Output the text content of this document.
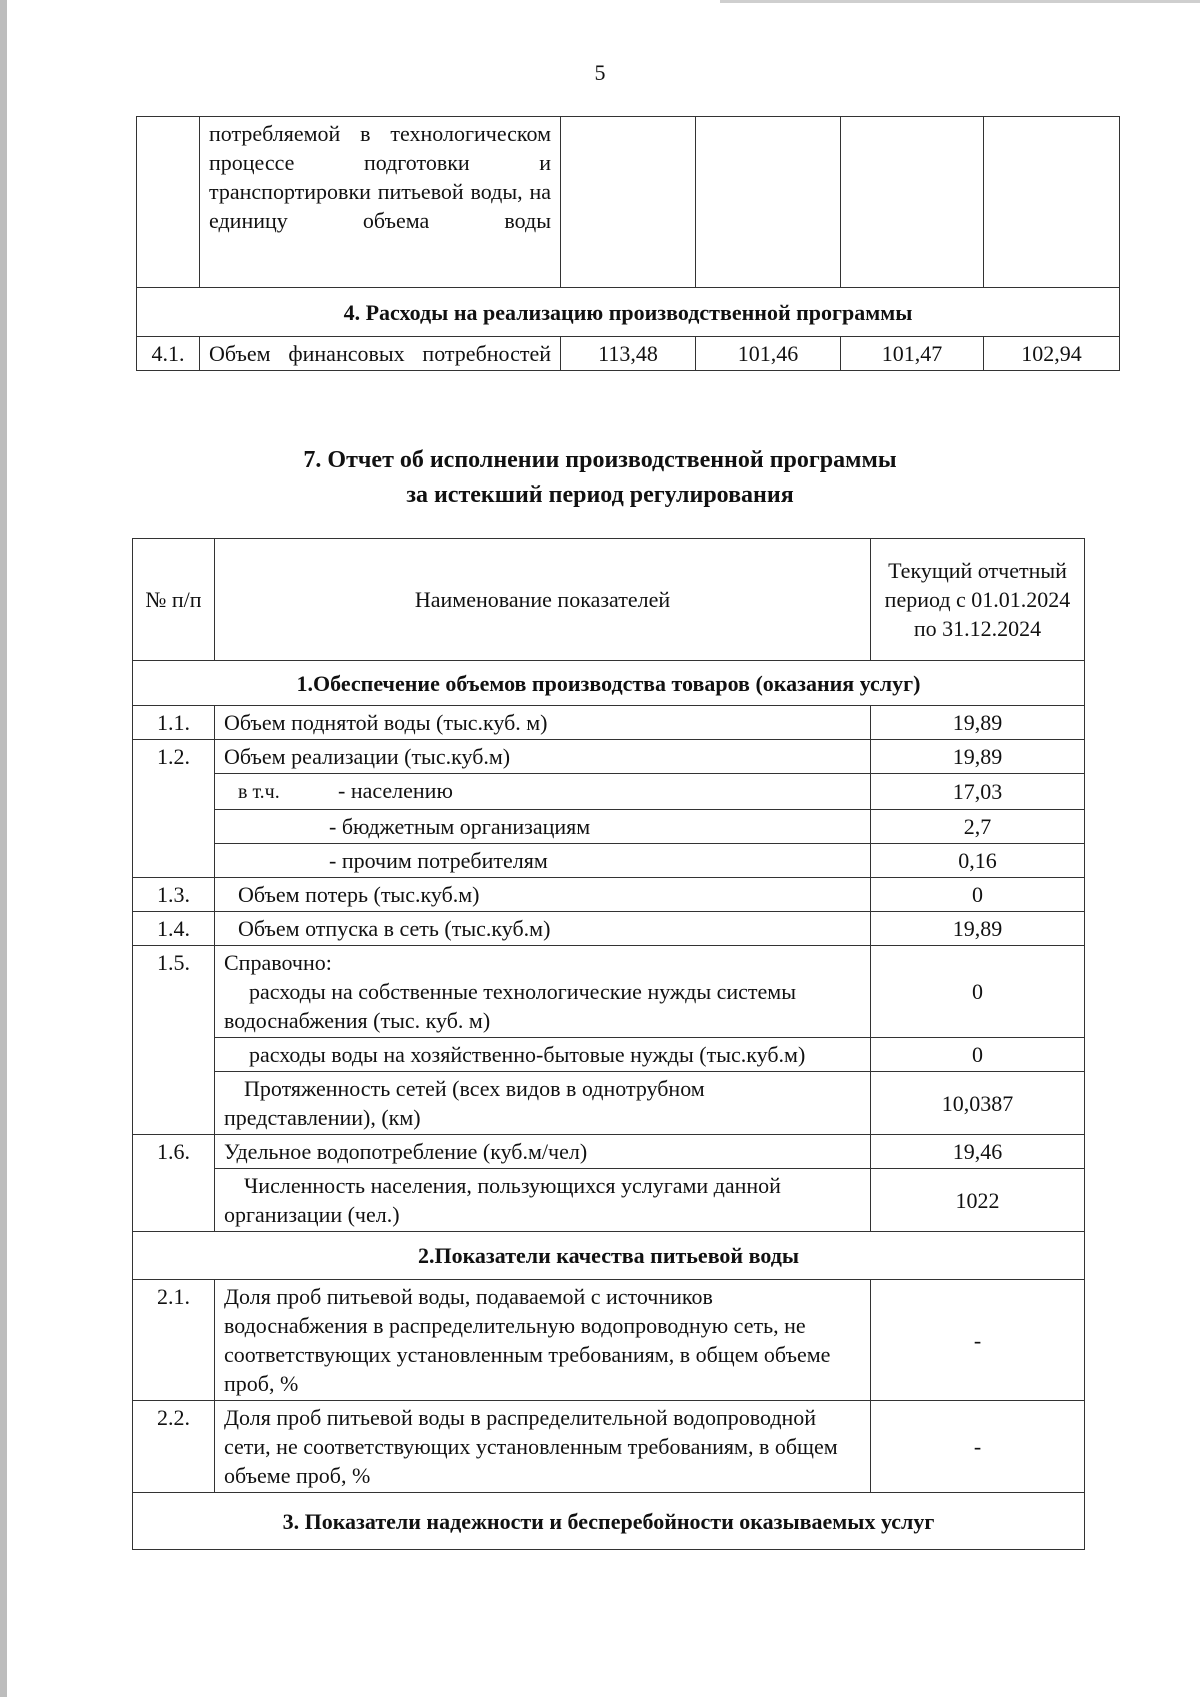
5
	потребляемой в технологическом процессе подготовки и транспортировки питьевой воды, на единицу объема воды				
4. Расходы на реализацию производственной программы					
4.1.	Объем финансовых потребностей	113,48	101,46	101,47	102,94
7. Отчет об исполнении производственной программы
за истекший период регулирования
№ п/п	Наименование показателей	Текущий отчетный период с 01.01.2024 по 31.12.2024
1.Обеспечение объемов производства товаров (оказания услуг)		
1.1.	Объем поднятой воды (тыс.куб. м)	19,89
1.2.	Объем реализации (тыс.куб.м)	19,89
	в т.ч. - населению	17,03
	- бюджетным организациям	2,7
	- прочим потребителям	0,16
1.3.	Объем потерь (тыс.куб.м)	0
1.4.	Объем отпуска в сеть (тыс.куб.м)	19,89
1.5.	Справочно:
расходы на собственные технологические нужды системы водоснабжения (тыс. куб. м)	0
	расходы воды на хозяйственно-бытовые нужды (тыс.куб.м)	0
	Протяженность сетей (всех видов в однотрубном представлении), (км)	10,0387
1.6.	Удельное водопотребление (куб.м/чел)	19,46
	Численность населения, пользующихся услугами данной организации (чел.)	1022
2.Показатели качества питьевой воды		
2.1.	Доля проб питьевой воды, подаваемой с источников водоснабжения в распределительную водопроводную сеть, не соответствующих установленным требованиям, в общем объеме проб, %	-
2.2.	Доля проб питьевой воды в распределительной водопроводной сети, не соответствующих установленным требованиям, в общем объеме проб, %	-
3. Показатели надежности и бесперебойности оказываемых услуг		
